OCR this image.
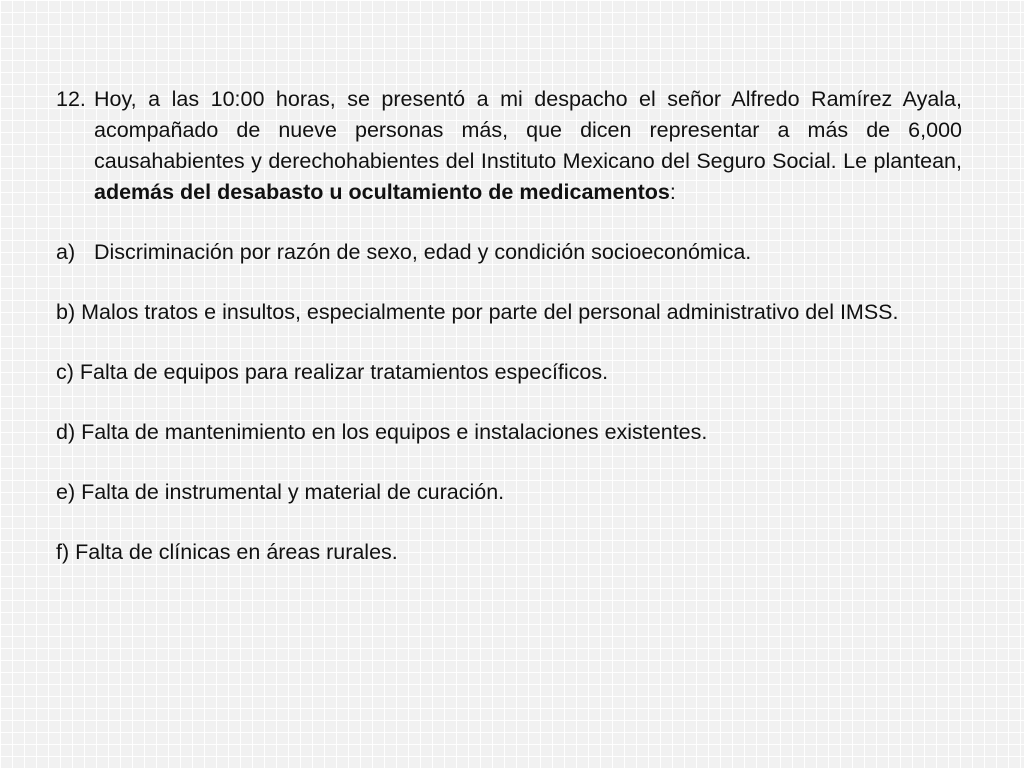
12. Hoy, a las 10:00 horas, se presentó a mi despacho el señor Alfredo Ramírez Ayala, acompañado de nueve personas más, que dicen representar a más de 6,000 causahabientes y derechohabientes del Instituto Mexicano del Seguro Social. Le plantean, además del desabasto u ocultamiento de medicamentos:
a) Discriminación por razón de sexo, edad y condición socioeconómica.
b) Malos tratos e insultos, especialmente por parte del personal administrativo del IMSS.
c) Falta de equipos para realizar tratamientos específicos.
d) Falta de mantenimiento en los equipos e instalaciones existentes.
e) Falta de instrumental y material de curación.
f) Falta de clínicas en áreas rurales.
